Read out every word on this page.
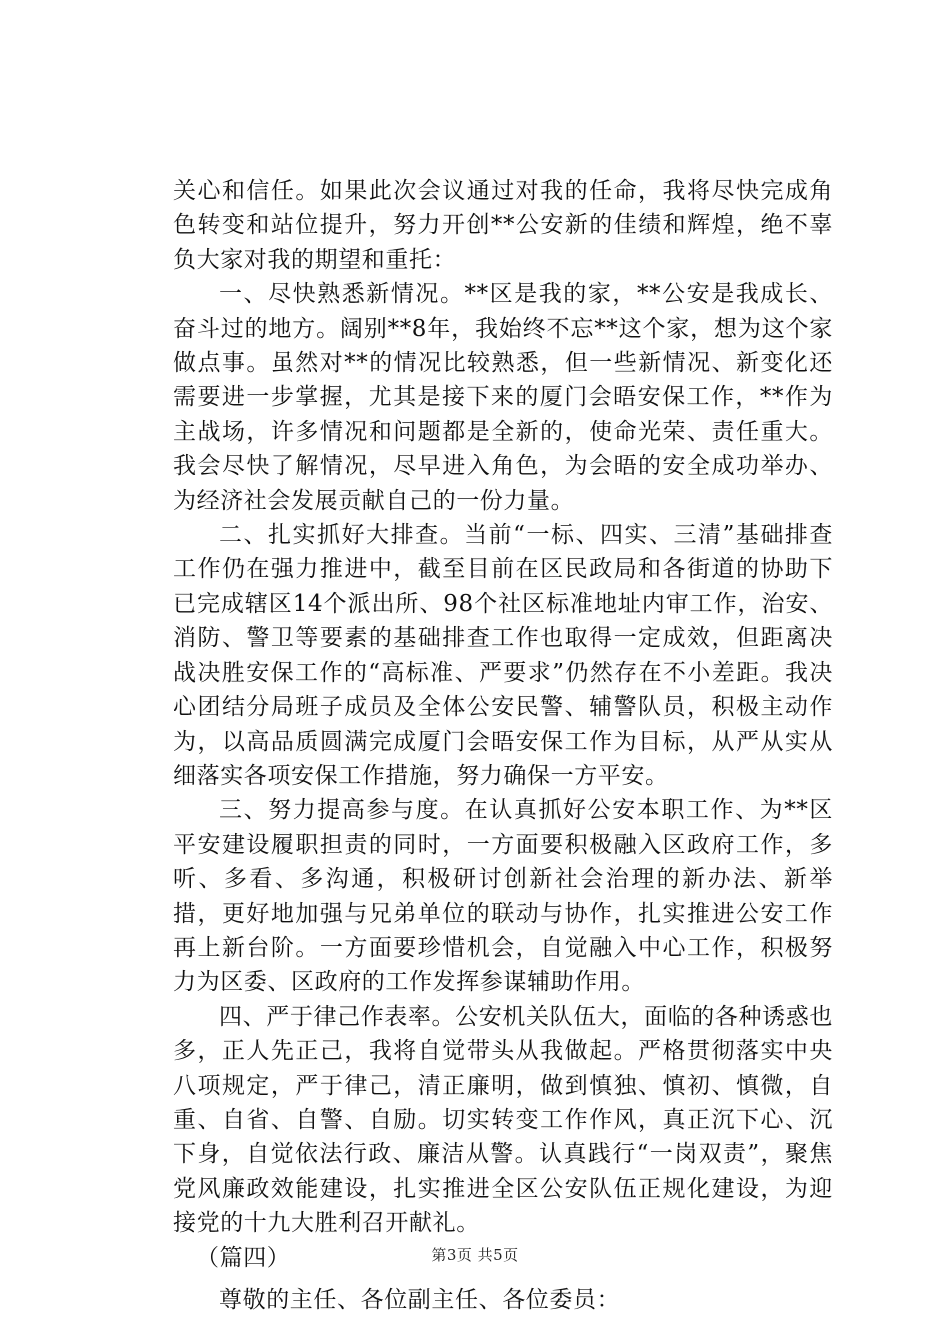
关心和信任。如果此次会议通过对我的任命，我将尽快完成角色转变和站位提升，努力开创**公安新的佳绩和辉煌，绝不辜负大家对我的期望和重托：

一、尽快熟悉新情况。**区是我的家，**公安是我成长、奋斗过的地方。阔别**8年，我始终不忘**这个家，想为这个家做点事。虽然对**的情况比较熟悉，但一些新情况、新变化还需要进一步掌握，尤其是接下来的厦门会晤安保工作，**作为主战场，许多情况和问题都是全新的，使命光荣、责任重大。我会尽快了解情况，尽早进入角色，为会晤的安全成功举办、为经济社会发展贡献自己的一份力量。

二、扎实抓好大排查。当前“一标、四实、三清”基础排查工作仍在强力推进中，截至目前在区民政局和各街道的协助下已完成辖区14个派出所、98个社区标准地址内审工作，治安、消防、警卫等要素的基础排查工作也取得一定成效，但距离决战决胜安保工作的“高标准、严要求”仍然存在不小差距。我决心团结分局班子成员及全体公安民警、辅警队员，积极主动作为，以高品质圆满完成厦门会晤安保工作为目标，从严从实从细落实各项安保工作措施，努力确保一方平安。

三、努力提高参与度。在认真抓好公安本职工作、为**区平安建设履职担责的同时，一方面要积极融入区政府工作，多听、多看、多沟通，积极研讨创新社会治理的新办法、新举措，更好地加强与兄弟单位的联动与协作，扎实推进公安工作再上新台阶。一方面要珍惜机会，自觉融入中心工作，积极努力为区委、区政府的工作发挥参谋辅助作用。

四、严于律己作表率。公安机关队伍大，面临的各种诱惑也多，正人先正己，我将自觉带头从我做起。严格贯彻落实中央八项规定，严于律己，清正廉明，做到慎独、慎初、慎微，自重、自省、自警、自励。切实转变工作作风，真正沉下心、沉下身，自觉依法行政、廉洁从警。认真践行“一岗双责”，聚焦党风廉政效能建设，扎实推进全区公安队伍正规化建设，为迎接党的十九大胜利召开献礼。

（篇四）

尊敬的主任、各位副主任、各位委员：

第3页 共5页
